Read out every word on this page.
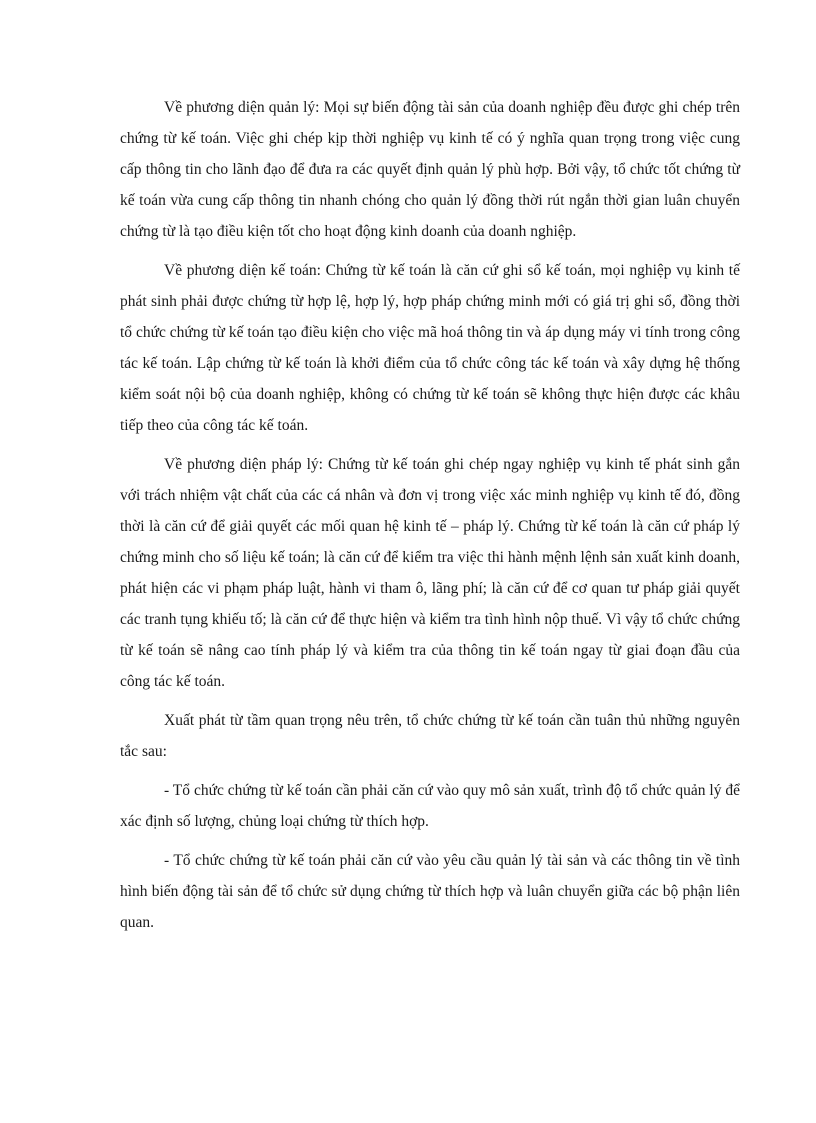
Về phương diện quản lý: Mọi sự biến động tài sản của doanh nghiệp đều được ghi chép trên chứng từ kế toán. Việc ghi chép kịp thời nghiệp vụ kinh tế có ý nghĩa quan trọng trong việc cung cấp thông tin cho lãnh đạo để đưa ra các quyết định quản lý phù hợp. Bởi vậy, tổ chức tốt chứng từ kế toán vừa cung cấp thông tin nhanh chóng cho quản lý đồng thời rút ngắn thời gian luân chuyển chứng từ là tạo điều kiện tốt cho hoạt động kinh doanh của doanh nghiệp.

Về phương diện kế toán: Chứng từ kế toán là căn cứ ghi sổ kế toán, mọi nghiệp vụ kinh tế phát sinh phải được chứng từ hợp lệ, hợp lý, hợp pháp chứng minh mới có giá trị ghi sổ, đồng thời tổ chức chứng từ kế toán tạo điều kiện cho việc mã hoá thông tin và áp dụng máy vi tính trong công tác kế toán. Lập chứng từ kế toán là khởi điểm của tổ chức công tác kế toán và xây dựng hệ thống kiểm soát nội bộ của doanh nghiệp, không có chứng từ kế toán sẽ không thực hiện được các khâu tiếp theo của công tác kế toán.

Về phương diện pháp lý: Chứng từ kế toán ghi chép ngay nghiệp vụ kinh tế phát sinh gắn với trách nhiệm vật chất của các cá nhân và đơn vị trong việc xác minh nghiệp vụ kinh tế đó, đồng thời là căn cứ để giải quyết các mối quan hệ kinh tế – pháp lý. Chứng từ kế toán là căn cứ pháp lý chứng minh cho số liệu kế toán; là căn cứ để kiểm tra việc thi hành mệnh lệnh sản xuất kinh doanh, phát hiện các vi phạm pháp luật, hành vi tham ô, lãng phí; là căn cứ để cơ quan tư pháp giải quyết các tranh tụng khiếu tố; là căn cứ để thực hiện và kiểm tra tình hình nộp thuế. Vì vậy tổ chức chứng từ kế toán sẽ nâng cao tính pháp lý và kiểm tra của thông tin kế toán ngay từ giai đoạn đầu của công tác kế toán.

Xuất phát từ tầm quan trọng nêu trên, tổ chức chứng từ kế toán cần tuân thủ những nguyên tắc sau:

- Tổ chức chứng từ kế toán cần phải căn cứ vào quy mô sản xuất, trình độ tổ chức quản lý để xác định số lượng, chủng loại chứng từ thích hợp.

- Tổ chức chứng từ kế toán phải căn cứ vào yêu cầu quản lý tài sản và các thông tin về tình hình biến động tài sản để tổ chức sử dụng chứng từ thích hợp và luân chuyển giữa các bộ phận liên quan.
